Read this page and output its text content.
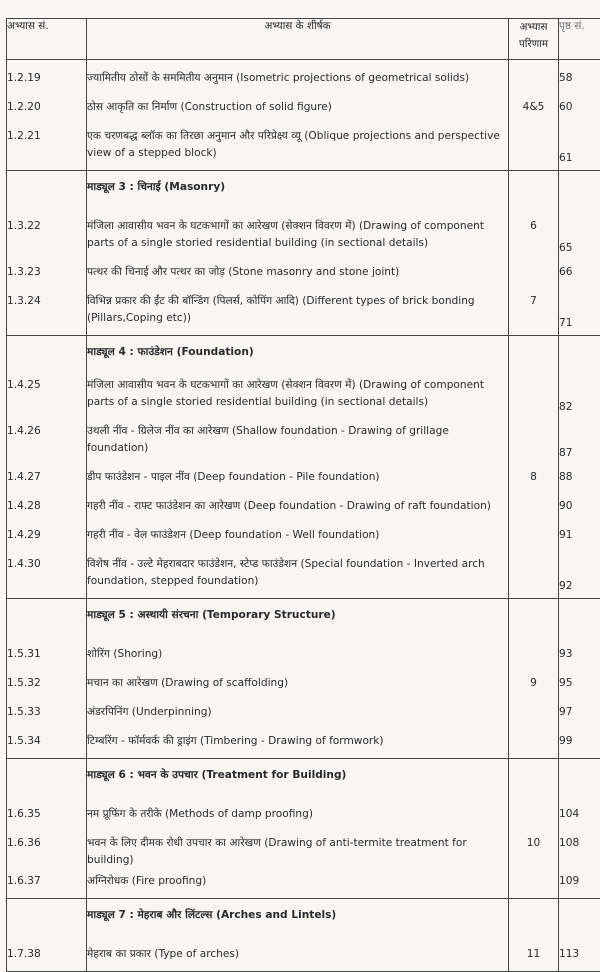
अभ्यास सं.	अभ्यास के शीर्षक	अभ्यास
परिणाम	पृष्ठ सं.

1.2.19	ज्यामितीय ठोसों के सममितीय अनुमान (Isometric projections of geometrical solids)		58
1.2.20	ठोस आकृति का निर्माण (Construction of solid figure)	4&5	60
1.2.21	एक चरणबद्ध ब्लॉक का तिरछा अनुमान और परिप्रेक्ष्य व्यू (Oblique projections and perspective view of a stepped block)		61
	माड्यूल 3 : चिनाई (Masonry)		

1.3.22	मंजिला आवासीय भवन के घटकभागों का आरेखण (सेक्शन विवरण में) (Drawing of component parts of a single storied residential building (in sectional details)	6	65
1.3.23	पत्थर की चिनाई और पत्थर का जोड़ (Stone masonry and stone joint)		66
1.3.24	विभिन्न प्रकार की ईंट की बॉन्डिंग (पिलर्स, कोपिंग आदि) (Different types of brick bonding (Pillars,Coping etc))	7	71
	माड्यूल 4 : फाउंडेशन (Foundation)		
1.4.25	मंजिला आवासीय भवन के घटकभागों का आरेखण (सेक्शन विवरण में) (Drawing of component parts of a single storied residential building (in sectional details)		82
1.4.26	उथली नींव - ग्रिलेज नींव का आरेखण (Shallow foundation - Drawing of grillage foundation)		87
1.4.27	डीप फाउंडेशन - पाइल नींव (Deep foundation - Pile foundation)	8	88
1.4.28	गहरी नींव - राफ्ट फाउंडेशन का आरेखण (Deep foundation - Drawing of raft foundation)		90
1.4.29	गहरी नींव - वेल फाउंडेशन (Deep foundation - Well foundation)		91
1.4.30	विशेष नींव - उल्टे मेहराबदार फाउंडेशन, स्टेप्ड फाउंडेशन (Special foundation - Inverted arch foundation, stepped foundation)		92
	माड्यूल 5 : अस्थायी संरचना (Temporary Structure)		

1.5.31	शोरिंग (Shoring)		93
1.5.32	मचान का आरेखण (Drawing of scaffolding)	9	95
1.5.33	अंडरपिनिंग (Underpinning)		97
1.5.34	टिम्बरिंग - फॉर्मवर्क की ड्राइंग (Timbering - Drawing of formwork)		99
	माड्यूल 6 : भवन के उपचार (Treatment for Building)		

1.6.35	नम प्रूफिंग के तरीके (Methods of damp proofing)		104
1.6.36	भवन के लिए दीमक रोधी उपचार का आरेखण (Drawing of anti-termite treatment for building)	10	108
1.6.37	अग्निरोधक (Fire proofing)		109
	माड्यूल 7 : मेहराब और लिंटल्स (Arches and Lintels)		

1.7.38	मेहराब का प्रकार (Type of arches)	11	113
